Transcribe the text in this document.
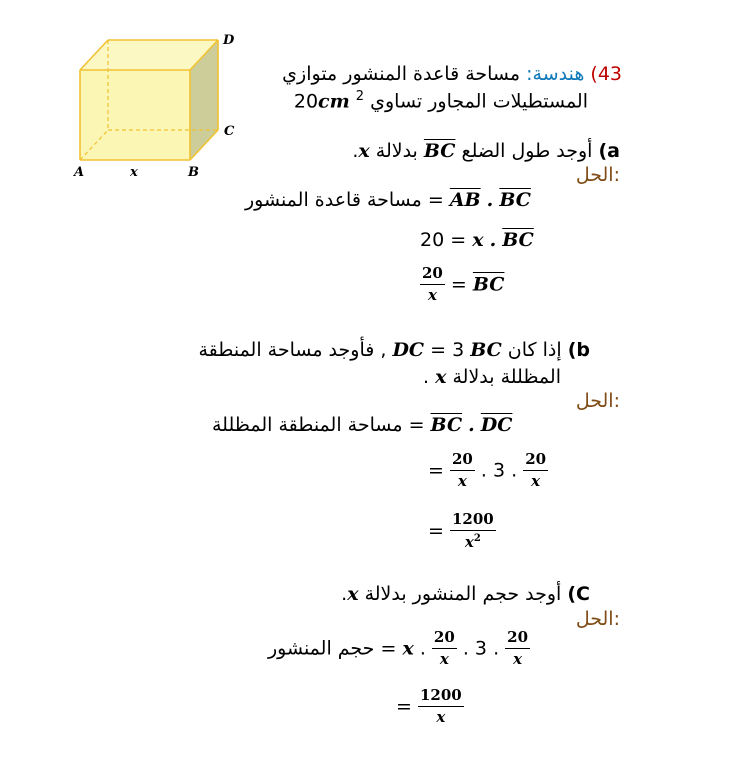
D
C
A	x	B
43) هندسة: مساحة قاعدة المنشور متوازي
المستطيلات المجاور تساوي $^2$ 20cm
a) أوجد طول الضلع $\overline{BC}$ بدلالة x.
الحل:
مساحة قاعدة المنشور = $\overline{AB}$ . $\overline{BC}$
20 = x . $\overline{BC}$
$\frac{20}{x} = \overline{BC}$
b) إذا كان DC = 3 BC , فأوجد مساحة المنطقة
المظللة بدلالة x .
الحل:
مساحة المنطقة المظللة = $\overline{BC}$ . $\overline{DC}$
= $\frac{20}{x}$ . 3 . $\frac{20}{x}$
= $\frac{1200}{x^2}$
C) أوجد حجم المنشور بدلالة x.
الحل:
حجم المنشور = x . $\frac{20}{x}$ . 3 . $\frac{20}{x}$
= $\frac{1200}{x}$
